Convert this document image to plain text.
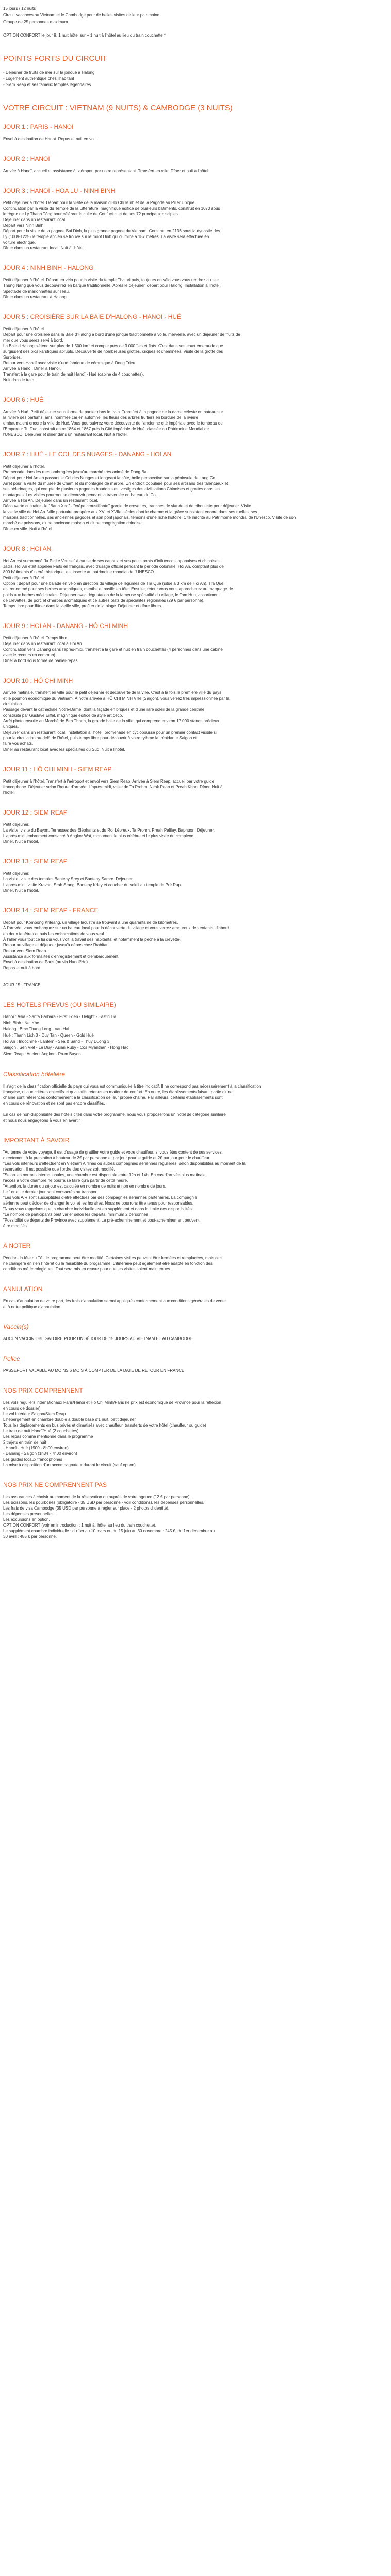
15 jours / 12 nuits

Circuit vacances au Vietnam et le Cambodge pour de belles visites de leur patrimoine.

Groupe de 25 personnes maximum.

OPTION CONFORT le jour 9, 1 nuit hôtel sur + 1 nuit à l'hôtel au lieu du train couchette *

POINTS FORTS DU CIRCUIT

- Déjeuner de fruits de mer sur la jonque à Halong

- Logement authentique chez l'habitant

- Siem Reap et ses fameux temples légendaires

VOTRE CIRCUIT : VIETNAM (9 NUITS) & CAMBODGE (3 NUITS)
JOUR 1 : PARIS - HANOÏ

Envol à destination de Hanoï. Repas et nuit en vol.

JOUR 2 : HANOÏ

Arrivée à Hanoï, accueil et assistance à l'aéroport par notre représentant. Transfert en ville. Dîner et nuit à l'hôtel.

JOUR 3 : HANOÏ - HOA LU - NINH BINH

Petit déjeuner à l'hôtel. Départ pour la visite de la maison d'Hô Chi Minh et de la Pagode au Pilier Unique.

Continuation par la visite du Temple de la Littérature, magnifique édifice de plusieurs bâtiments, construit en 1070 sous

le règne de Ly Thanh Tông pour célébrer le culte de Confucius et de ses 72 principaux disciples.

Déjeuner dans un restaurant local.

Départ vers Ninh Binh.

Départ pour la visite de la pagode Bai Dinh, la plus grande pagode du Vietnam. Construit en 2136 sous la dynastie des

Ly (1009-1225) le temple ancien se trouve sur le mont Dinh qui culmine à 187 mètres. La visite sera effectuée en

voiture électrique.

Dîner dans un restaurant local. Nuit à l'hôtel.

JOUR 4 : NINH BINH - HALONG

Petit déjeuner à l'hôtel. Départ en vélo pour la visite du temple Thai Vi puis, toujours en vélo vous vous rendrez au site

Thung Nang que vous découvrirez en barque traditionnelle. Après le déjeuner, départ pour Halong. Installation à l'hôtel.

Spectacle de marionnettes sur l'eau.

Dîner dans un restaurant à Halong.

JOUR 5 : CROISIÈRE SUR LA BAIE D'HALONG - HANOÏ - HUÉ

Petit déjeuner à l'hôtel.

Départ pour une croisière dans la Baie d'Halong à bord d'une jonque traditionnelle à voile, merveille, avec un déjeuner de fruits de

mer que vous serez servi à bord.

La Baie d'Halong s'étend sur plus de 1 500 km² et compte près de 3 000 îles et îlots. C'est dans ses eaux émeraude que

surgissent des pics karstiques abrupts. Découverte de nombreuses grottes, criques et cheminées. Visite de la grotte des

Surprises.

Retour vers Hanoï avec visite d'une fabrique de céramique à Dong Trieu.

Arrivée à Hanoï. Dîner à Hanoï.

Transfert à la gare pour le train de nuit Hanoï - Hué (cabine de 4 couchettes).

Nuit dans le train.

JOUR 6 : HUÉ

Arrivée à Hué. Petit déjeuner sous forme de panier dans le train. Transfert à la pagode de la dame céleste en bateau sur

la rivière des parfums, ainsi nommée car en automne, les fleurs des arbres fruitiers en bordure de la rivière

embaumaient encore la ville de Hué. Vous poursuivrez votre découverte de l'ancienne cité impériale avec le tombeau de

l'Empereur Tu Duc, construit entre 1864 et 1867 puis la Cité impériale de Hué, classée au Patrimoine Mondial de

l'UNESCO. Déjeuner et dîner dans un restaurant local. Nuit à l'hôtel.

JOUR 7 : HUÉ - LE COL DES NUAGES - DANANG - HOI AN

Petit déjeuner à l'hôtel.

Promenade dans les rues ombragées jusqu'au marché très animé de Dong Ba.

Départ pour Hoi An en passant le Col des Nuages et longeant la côte, belle perspective sur la péninsule de Lang Co.

Arrêt pour la visite du musée de Cham et du montagne de marbre. Un endroit populaire pour ses artisans très talentueux et

ses pèlerinages, qui compte de plusieurs pagodes bouddhistes, vestiges des civilisations Chinoises et grottes dans les

montagnes. Les visites pourront se découvrir pendant la traversée en bateau du Col.

Arrivée à Hoi An. Déjeuner dans un restaurant local.

Découverte culinaire - le "Banh Xeo" - "crêpe croustillante" garnie de crevettes, tranches de viande et de ciboulette pour déjeuner. Visite

la vieille ville de Hoi An. Ville portuaire prospère aux XVI et XVIIe siècles dont le charme et la grâce subsistent encore dans ses ruelles, ses

maisons traditionnelles, ses anciennes pagodes et son pont japonais, témoins d'une riche histoire. Cité inscrite au Patrimoine mondial de l'Unesco. Visite de son

marché de poissons, d'une ancienne maison et d'une congrégation chinoise.

Dîner en ville. Nuit à l'hôtel.

JOUR 8 : HOI AN

Hoi An est surnommé "la Petite Venise" à cause de ses canaux et ses petits ponts d'influences japonaises et chinoises.

Jadis, Hoi An était appelée Faifo en français, avec d'usage officiel pendant la période coloniale. Hoi An, comptant plus de

800 bâtiments d'intérêt historique, est inscrite au patrimoine mondial de l'UNESCO.

Petit déjeuner à l'hôtel.

Option : départ pour une balade en vélo en direction du village de légumes de Tra Que (situé à 3 km de Hoi An). Tra Que

est renommé pour ses herbes aromatiques, menthe et basilic en tête. Ensuite, retour vous vous approcherez au marquage de

poids aux herbes médicinales. Déjeuner avec dégustation de la fameuse spécialité du village, le Tam Huu, assortiment

de crevettes, de porc et d'herbes aromatiques et ce autres plats de spécialités régionales (29 € par personne).

Temps libre pour flâner dans la vieille ville, profiter de la plage. Déjeuner et dîner libres.

JOUR 9 : HOI AN - DANANG - HÔ CHI MINH

Petit déjeuner à l'hôtel. Temps libre.

Déjeuner dans un restaurant local à Hoi An.

Continuation vers Danang dans l'après-midi, transfert à la gare et nuit en train couchettes (4 personnes dans une cabine

avec le recours en commun).

Dîner à bord sous forme de panier-repas.

JOUR 10 : HÔ CHI MINH

Arrivée matinale, transfert en ville pour le petit déjeuner et découverte de la ville. C'est à la fois la première ville du pays

et le poumon économique du Vietnam. À notre arrivée à HÔ CHI MINH Ville (Saigon), vous verrez très impressionnée par la

circulation.

Passage devant la cathédrale Notre-Dame, dont la façade en briques et d'une rare soleil de la grande centrale

construite par Gustave Eiffel, magnifique édifice de style art déco.

Arrêt photo ensuite au Marché de Ben Thanh, la grande halle de la ville, qui comprend environ 17 000 stands précieux

uniques.

Déjeuner dans un restaurant local. Installation à l'hôtel, promenade en cyclopousse pour un premier contact visible si

pour la circulation au-delà de l'hôtel, puis temps libre pour découvrir à votre rythme la trépidante Saigon et

faire vos achats.

Dîner au restaurant local avec les spécialités du Sud. Nuit à l'hôtel.

JOUR 11 : HÔ CHI MINH - SIEM REAP

Petit déjeuner à l'hôtel. Transfert à l'aéroport et envol vers Siem Reap. Arrivée à Siem Reap, accueil par votre guide

francophone. Déjeuner selon l'heure d'arrivée. L'après-midi, visite de Ta Prohm, Neak Pean et Preah Khan. Dîner. Nuit à

l'hôtel.

JOUR 12 : SIEM REAP

Petit déjeuner.

La visite, visite du Bayon, Terrasses des Éléphants et du Roi Lépreux, Ta Prohm, Preah Palilay, Baphuon. Déjeuner.

L'après-midi embrement consacré à Angkor Wat, monument le plus célèbre et le plus visité du complexe.

Dîner. Nuit à l'hôtel.

JOUR 13 : SIEM REAP

Petit déjeuner.

La visite, visite des temples Banteay Srey et Banteay Samre. Déjeuner.

L'après-midi, visite Kravan, Srah Srang, Banteay Kdey et coucher du soleil au temple de Pré Rup.

Dîner. Nuit à l'hôtel.

JOUR 14 : SIEM REAP - FRANCE

Départ pour Kompong Khleang, un village lacustre se trouvant à une quarantaine de kilomètres.

À l'arrivée, vous embarquez sur un bateau local pour la découverte du village et vous verrez amoureux des enfants, d'abord

en deux fenêtres et puis les embarcations de vous seul.

À l'aller vous tout ce lui qui vous voit la travail des habitants, et notamment la pêche à la crevette.

Retour au village et déjeuner jusqu'à dépos chez l'habitant.

Retour vers Siem Reap.

Assistance aux formalités d'enregistrement et d'embarquement.

Envol à destination de Paris (ou via Hanoï/Ho).

Repas et nuit à bord.

JOUR 15 : FRANCE

LES HOTELS PREVUS (OU SIMILAIRE)

Hanoï : Asia - Santa Barbara - First Eden - Delight - Eastin Da

Ninh Binh : Nei Khe

Halong : Bmc Thang Long - Van Hai

Hué : Thanh Lich 3 - Duy Tan - Queen - Gold Hué

Hoi An : Indochine - Lantern - Sea & Sand - Thuy Duong 3

Saigon : Sen Viet - Le Duy - Asian Ruby - Cos Myanthan - Hong Hac

Siem Reap : Ancient Angkor - Prum Bayon

Classification hôtelière

Il s'agit de la classification officielle du pays qui vous est communiquée à titre indicatif. Il ne correspond pas nécessairement à la classification

française, ni aux critères objectifs et qualitatifs retenus en matière de confort. En outre, les établissements faisant partie d'une

chaîne sont référencés conformément à la classification de leur propre chaîne. Par ailleurs, certains établissements sont

en cours de rénovation et ne sont pas encore classifiés.

En cas de non-disponibilité des hôtels cités dans votre programme, nous vous proposerons un hôtel de catégorie similaire

et nous nous engageons à vous en avertir.

IMPORTANT À SAVOIR

"Au terme de votre voyage, il est d'usage de gratifier votre guide et votre chauffeur, si vous êtes content de ses services,

directement à la prestation à hauteur de 3€ par personne et par jour pour le guide et 2€ par jour pour le chauffeur.

"Les vols intérieurs s'effectuent en Vietnam Airlines ou autres compagnies aériennes régulières, selon disponibilités au moment de la

réservation. Il est possible que l'ordre des visites soit modifié.

"Selon les normes internationales, une chambre est disponible entre 12h et 14h. En cas d'arrivée plus matinale,

l'accès à votre chambre ne pourra se faire qu'à partir de cette heure.

"Attention, la durée du séjour est calculée en nombre de nuits et non en nombre de jours.

Le 1er et le dernier jour sont consacrés au transport.

"Les vols A/R sont susceptibles d'être effectués par des compagnies aériennes partenaires. La compagnie

aérienne peut décider de changer le vol et les horaires. Nous ne pourrons être tenus pour responsables.

"Nous vous rappelons que la chambre individuelle est en supplément et dans la limite des disponibilités.

"Le nombre de participants peut varier selon les départs, minimum 2 personnes.

"Possibilité de départs de Province avec supplément. La pré-acheminement et post-acheminement peuvent

être modifiés.

À NOTER

Pendant la fête du Têt, le programme peut être modifié. Certaines visites peuvent être fermées et remplacées, mais ceci

ne changera en rien l'intérêt ou la faisabilité du programme. L'itinéraire peut également être adapté en fonction des

conditions météorologiques. Tout sera mis en œuvre pour que les visites soient maintenues.

ANNULATION

En cas d'annulation de votre part, les frais d'annulation seront appliqués conformément aux conditions générales de vente

et à notre politique d'annulation.

Vaccin(s)

AUCUN VACCIN OBLIGATOIRE POUR UN SÉJOUR DE 15 JOURS AU VIETNAM ET AU CAMBODGE

Police

PASSEPORT VALABLE AU MOINS 6 MOIS À COMPTER DE LA DATE DE RETOUR EN FRANCE

NOS PRIX COMPRENNENT

Les vols réguliers internationaux Paris/Hanoï et Hô Chi Minh/Paris (le prix est économique de Province pour la réflexion

en cours de dossier)

Le vol intérieur Saigon/Siem Reap

L'hébergement en chambre double à double base d'1 nuit, petit déjeuner

Tous les déplacements en bus privés et climatisés avec chauffeur, transferts de votre hôtel (chauffeur ou guide)

Le train de nuit Hanoï/Hué (2 couchettes)

Les repas comme mentionné dans le programme

2 trajets en train de nuit

- Hanoï - Hué (1900 - 8h00 environ)

- Danang - Saigon (1h34 - 7h00 environ)

Les guides locaux francophones

La mise à disposition d'un accompagnateur durant le circuit (sauf option)

NOS PRIX NE COMPRENNENT PAS

Les assurances à choisir au moment de la réservation ou auprès de votre agence (12 € par personne).

Les boissons, les pourboires (obligatoire - 35 USD par personne - voir conditions), les dépenses personnelles.

Les frais de visa Cambodge (35 USD par personne à régler sur place - 2 photos d'identité).

Les dépenses personnelles.

Les excursions en option.

OPTION CONFORT (voir en introduction : 1 nuit à l'hôtel au lieu du train couchette).

Le supplément chambre individuelle : du 1er au 10 mars ou du 15 juin au 30 novembre : 245 €, du 1er décembre au

30 avril : 485 € par personne.
